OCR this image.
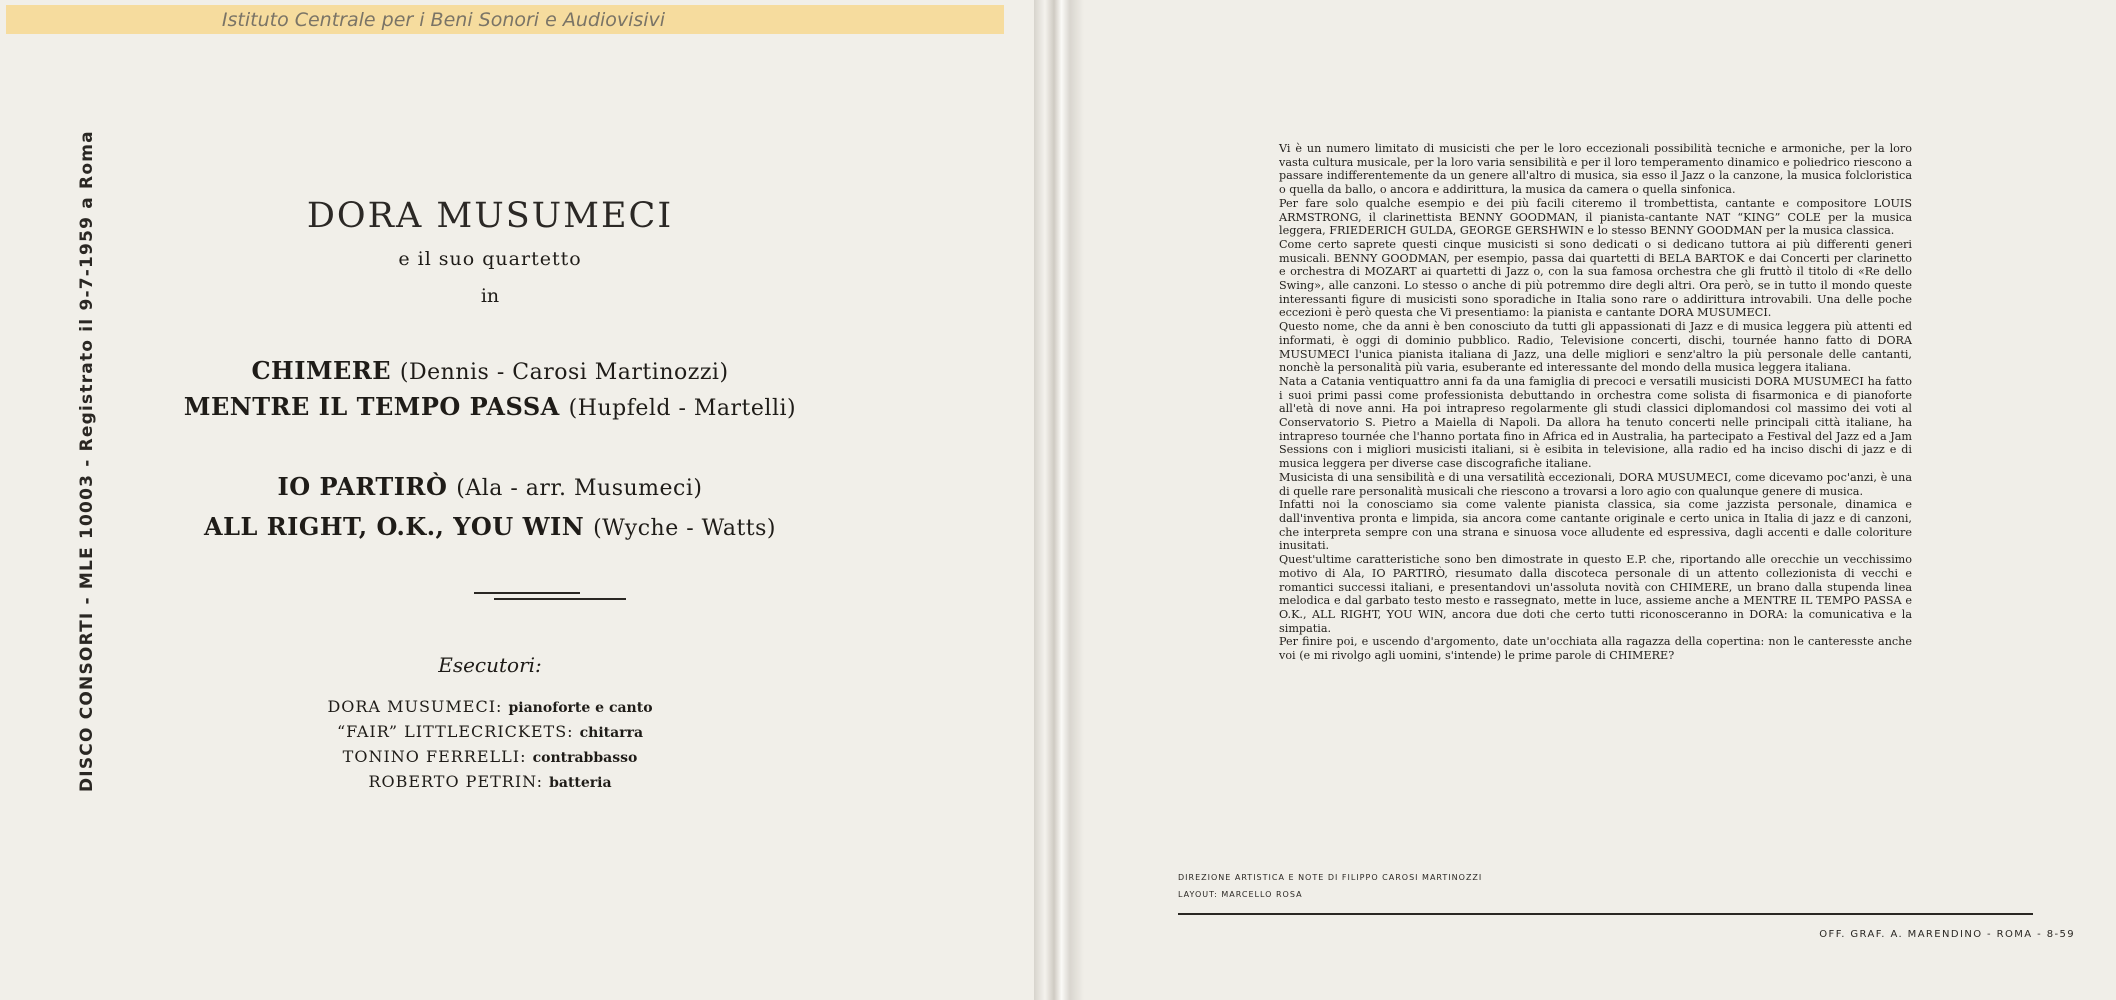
Istituto Centrale per i Beni Sonori e Audiovisivi
DISCO CONSORTI - MLE 10003 - Registrato il 9-7-1959 a Roma	DORA MUSUMECI
e il suo quartetto
in
CHIMERE (Dennis - Carosi Martinozzi)
MENTRE IL TEMPO PASSA (Hupfeld - Martelli)
IO PARTIRÒ (Ala - arr. Musumeci)
ALL RIGHT, O.K., YOU WIN (Wyche - Watts)
Esecutori:
DORA MUSUMECI: pianoforte e canto
“FAIR” LITTLECRICKETS: chitarra
TONINO FERRELLI: contrabbasso
ROBERTO PETRIN: batteria

Vi è un numero limitato di musicisti che per le loro eccezionali possibilità tecniche e armoniche, per la loro vasta cultura musicale, per la loro varia sensibilità e per il loro temperamento dinamico e poliedrico riescono a passare indifferentemente da un genere all'altro di musica, sia esso il Jazz o la canzone, la musica folcloristica o quella da ballo, o ancora e addirittura, la musica da camera o quella sinfonica.

Per fare solo qualche esempio e dei più facili citeremo il trombettista, cantante e compositore LOUIS ARMSTRONG, il clarinettista BENNY GOODMAN, il pianista-cantante NAT “KING” COLE per la musica leggera, FRIEDERICH GULDA, GEORGE GERSHWIN e lo stesso BENNY GOODMAN per la musica classica.

Come certo saprete questi cinque musicisti si sono dedicati o si dedicano tuttora ai più differenti generi musicali. BENNY GOODMAN, per esempio, passa dai quartetti di BELA BARTOK e dai Concerti per clarinetto e orchestra di MOZART ai quartetti di Jazz o, con la sua famosa orchestra che gli fruttò il titolo di «Re dello Swing», alle canzoni. Lo stesso o anche di più potremmo dire degli altri. Ora però, se in tutto il mondo queste interessanti figure di musicisti sono sporadiche in Italia sono rare o addirittura introvabili. Una delle poche eccezioni è però questa che Vi presentiamo: la pianista e cantante DORA MUSUMECI.

Questo nome, che da anni è ben conosciuto da tutti gli appassionati di Jazz e di musica leggera più attenti ed informati, è oggi di dominio pubblico. Radio, Televisione concerti, dischi, tournée hanno fatto di DORA MUSUMECI l'unica pianista italiana di Jazz, una delle migliori e senz'altro la più personale delle cantanti, nonchè la personalità più varia, esuberante ed interessante del mondo della musica leggera italiana.

Nata a Catania ventiquattro anni fa da una famiglia di precoci e versatili musicisti DORA MUSUMECI ha fatto i suoi primi passi come professionista debuttando in orchestra come solista di fisarmonica e di pianoforte all'età di nove anni. Ha poi intrapreso regolarmente gli studi classici diplomandosi col massimo dei voti al Conservatorio S. Pietro a Maiella di Napoli. Da allora ha tenuto concerti nelle principali città italiane, ha intrapreso tournée che l'hanno portata fino in Africa ed in Australia, ha partecipato a Festival del Jazz ed a Jam Sessions con i migliori musicisti italiani, si è esibita in televisione, alla radio ed ha inciso dischi di jazz e di musica leggera per diverse case discografiche italiane.

Musicista di una sensibilità e di una versatilità eccezionali, DORA MUSUMECI, come dicevamo poc'anzi, è una di quelle rare personalità musicali che riescono a trovarsi a loro agio con qualunque genere di musica.

Infatti noi la conosciamo sia come valente pianista classica, sia come jazzista personale, dinamica e dall'inventiva pronta e limpida, sia ancora come cantante originale e certo unica in Italia di jazz e di canzoni, che interpreta sempre con una strana e sinuosa voce alludente ed espressiva, dagli accenti e dalle coloriture inusitati.

Quest'ultime caratteristiche sono ben dimostrate in questo E.P. che, riportando alle orecchie un vecchissimo motivo di Ala, IO PARTIRÒ, riesumato dalla discoteca personale di un attento collezionista di vecchi e romantici successi italiani, e presentandovi un'assoluta novità con CHIMERE, un brano dalla stupenda linea melodica e dal garbato testo mesto e rassegnato, mette in luce, assieme anche a MENTRE IL TEMPO PASSA e O.K., ALL RIGHT, YOU WIN, ancora due doti che certo tutti riconosceranno in DORA: la comunicativa e la simpatia.

Per finire poi, e uscendo d'argomento, date un'occhiata alla ragazza della copertina: non le canteresste anche voi (e mi rivolgo agli uomini, s'intende) le prime parole di CHIMERE?

DIREZIONE ARTISTICA E NOTE DI FILIPPO CAROSI MARTINOZZI
LAYOUT: MARCELLO ROSA
OFF. GRAF. A. MARENDINO - ROMA - 8-59
